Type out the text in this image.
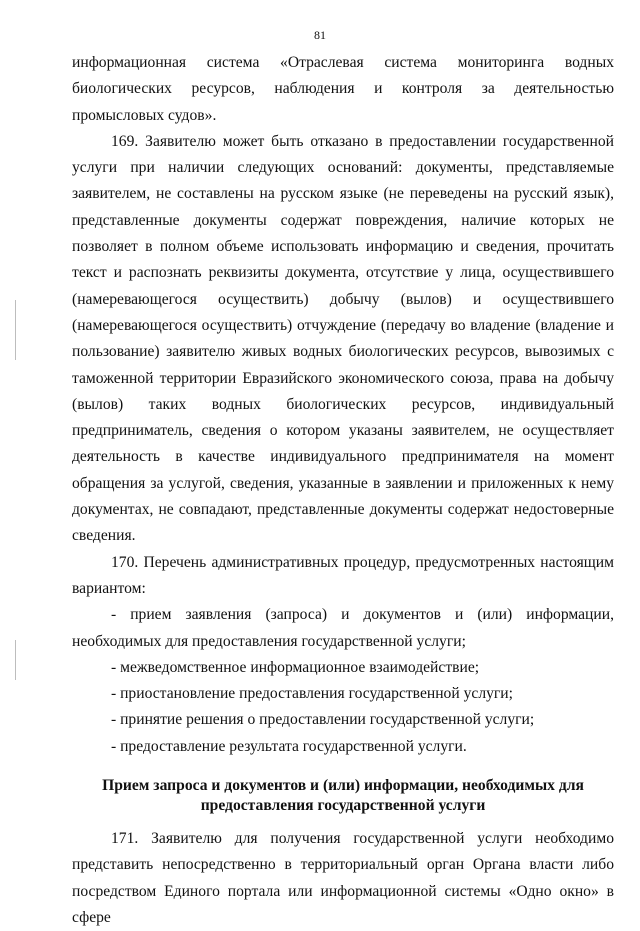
81

информационная система «Отраслевая система мониторинга водных биологических ресурсов, наблюдения и контроля за деятельностью промысловых судов».

169. Заявителю может быть отказано в предоставлении государственной услуги при наличии следующих оснований: документы, представляемые заявителем, не составлены на русском языке (не переведены на русский язык), представленные документы содержат повреждения, наличие которых не позволяет в полном объеме использовать информацию и сведения, прочитать текст и распознать реквизиты документа, отсутствие у лица, осуществившего (намеревающегося осуществить) добычу (вылов) и осуществившего (намеревающегося осуществить) отчуждение (передачу во владение (владение и пользование) заявителю живых водных биологических ресурсов, вывозимых с таможенной территории Евразийского экономического союза, права на добычу (вылов) таких водных биологических ресурсов, индивидуальный предприниматель, сведения о котором указаны заявителем, не осуществляет деятельность в качестве индивидуального предпринимателя на момент обращения за услугой, сведения, указанные в заявлении и приложенных к нему документах, не совпадают, представленные документы содержат недостоверные сведения.

170. Перечень административных процедур, предусмотренных настоящим вариантом:

- прием заявления (запроса) и документов и (или) информации, необходимых для предоставления государственной услуги;

- межведомственное информационное взаимодействие;

- приостановление предоставления государственной услуги;

- принятие решения о предоставлении государственной услуги;

- предоставление результата государственной услуги.

Прием запроса и документов и (или) информации, необходимых для предоставления государственной услуги

171. Заявителю для получения государственной услуги необходимо представить непосредственно в территориальный орган Органа власти либо посредством Единого портала или информационной системы «Одно окно» в сфере
